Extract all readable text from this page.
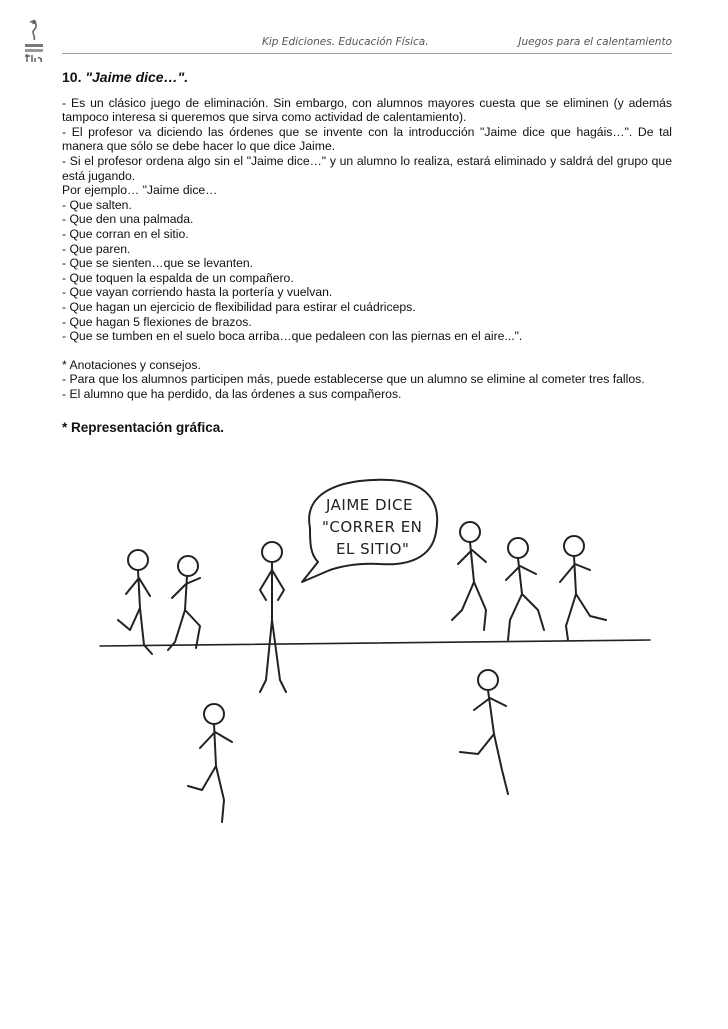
Kip Ediciones. Educación Física.	Juegos para el calentamiento
10. "Jaime dice…".

- Es un clásico juego de eliminación. Sin embargo, con alumnos mayores cuesta que se eliminen (y además tampoco interesa si queremos que sirva como actividad de calentamiento).

- El profesor va diciendo las órdenes que se invente con la introducción "Jaime dice que hagáis…". De tal manera que sólo se debe hacer lo que dice Jaime.

- Si el profesor ordena algo sin el "Jaime dice…" y un alumno lo realiza, estará eliminado y saldrá del grupo que está jugando.

Por ejemplo… "Jaime dice…

- Que salten.

- Que den una palmada.

- Que corran en el sitio.

- Que paren.

- Que se sienten…que se levanten.

- Que toquen la espalda de un compañero.

- Que vayan corriendo hasta la portería y vuelvan.

- Que hagan un ejercicio de flexibilidad para estirar el cuádriceps.

- Que hagan 5 flexiones de brazos.

- Que se tumben en el suelo boca arriba…que pedaleen con las piernas en el aire...".

* Anotaciones y consejos.

- Para que los alumnos participen más, puede establecerse que un alumno se elimine al cometer tres fallos.

- El alumno que ha perdido, da las órdenes a sus compañeros.

* Representación gráfica.
JAIME DICE
"CORRER EN
EL SITIO"
